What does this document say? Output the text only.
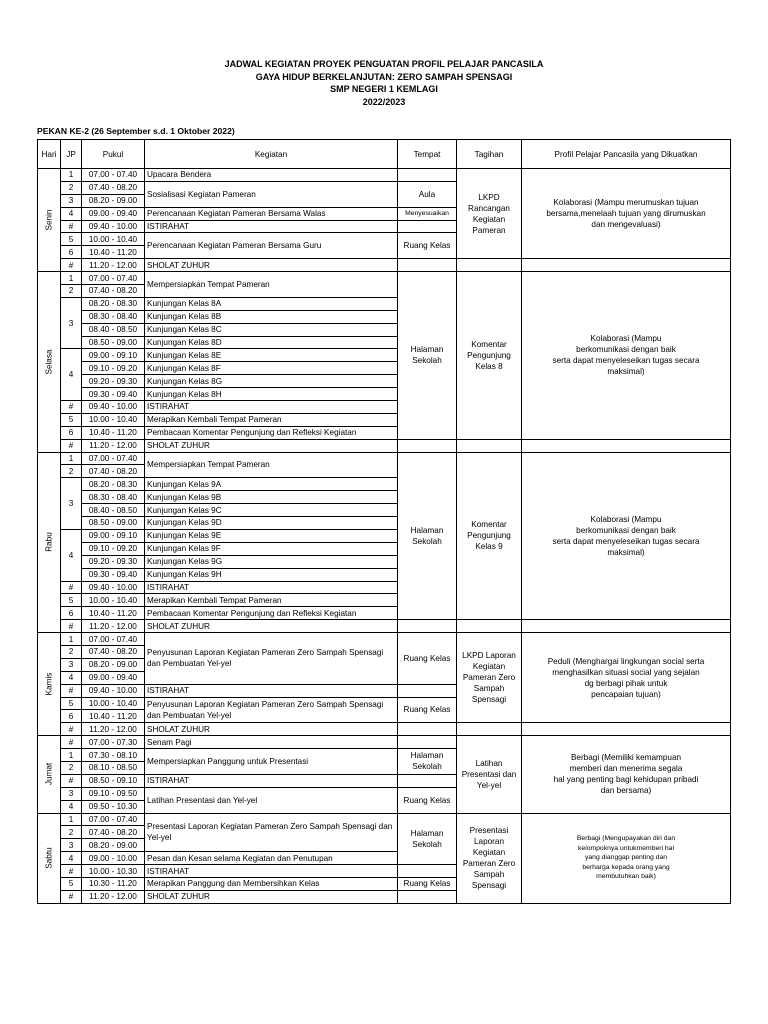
JADWAL KEGIATAN PROYEK PENGUATAN PROFIL PELAJAR PANCASILA
GAYA HIDUP BERKELANJUTAN: ZERO SAMPAH SPENSAGI
SMP NEGERI 1 KEMLAGI
2022/2023
PEKAN KE-2 (26 September s.d. 1 Oktober 2022)
Hari	JP	Pukul	Kegiatan	Tempat	Tagihan	Profil Pelajar Pancasila yang Dikuatkan

Senin	1	07.00 - 07.40	Upacara Bendera		LKPD Rancangan Kegiatan Pameran	Kolaborasi (Mampu merumuskan tujuan
bersama,menelaah tujuan yang dirumuskan
dan mengevaluasi)

	2	07.40 - 08.20	Sosialisasi Kegiatan Pameran	Aula		
	3	08.20 - 09.00				
	4	09.00 - 09.40	Perencanaan Kegiatan Pameran Bersama Walas	Menyesuaikan		
	#	09.40 - 10.00	ISTIRAHAT			
	5	10.00 - 10.40	Perencanaan Kegiatan Pameran Bersama Guru	Ruang Kelas		
	6	10.40 - 11.20				
	#	11.20 - 12.00	SHOLAT ZUHUR			

Selasa	1	07.00 - 07.40	Mempersiapkan Tempat Pameran	Halaman Sekolah	Komentar Pengunjung Kelas 8	Kolaborasi (Mampu
berkomunikasi dengan baik
serta dapat menyeleseikan tugas secara
maksimal)

	2	07.40 - 08.20				
	3	08.20 - 08.30	Kunjungan Kelas 8A			
		08.30 - 08.40	Kunjungan Kelas 8B			
		08.40 - 08.50	Kunjungan Kelas 8C			
		08.50 - 09.00	Kunjungan Kelas 8D			
	4	09.00 - 09.10	Kunjungan Kelas 8E			
		09.10 - 09.20	Kunjungan Kelas 8F			
		09.20 - 09.30	Kunjungan Kelas 8G			
		09.30 - 09.40	Kunjungan Kelas 8H			
	#	09.40 - 10.00	ISTIRAHAT			
	5	10.00 - 10.40	Merapikan Kembali Tempat Pameran			
	6	10.40 - 11.20	Pembacaan Komentar Pengunjung dan Refleksi Kegiatan			
	#	11.20 - 12.00	SHOLAT ZUHUR			

Rabu	1	07.00 - 07.40	Mempersiapkan Tempat Pameran	Halaman Sekolah	Komentar Pengunjung Kelas 9	Kolaborasi (Mampu
berkomunikasi dengan baik
serta dapat menyeleseikan tugas secara
maksimal)

	2	07.40 - 08.20				
	3	08.20 - 08.30	Kunjungan Kelas 9A			
		08.30 - 08.40	Kunjungan Kelas 9B			
		08.40 - 08.50	Kunjungan Kelas 9C			
		08.50 - 09.00	Kunjungan Kelas 9D			
	4	09.00 - 09.10	Kunjungan Kelas 9E			
		09.10 - 09.20	Kunjungan Kelas 9F			
		09.20 - 09.30	Kunjungan Kelas 9G			
		09.30 - 09.40	Kunjungan Kelas 9H			
	#	09.40 - 10.00	ISTIRAHAT			
	5	10.00 - 10.40	Merapikan Kembali Tempat Pameran			
	6	10.40 - 11.20	Pembacaan Komentar Pengunjung dan Refleksi Kegiatan			
	#	11.20 - 12.00	SHOLAT ZUHUR			

Kamis	1	07.00 - 07.40	Penyusunan Laporan Kegiatan Pameran Zero Sampah Spensagi dan Pembuatan Yel-yel	Ruang Kelas	LKPD Laporan Kegiatan Pameran Zero Sampah Spensagi	Peduli (Menghargai lingkungan social serta
menghasilkan situasi social yang sejalan
dg berbagi pihak untuk
pencapaian tujuan)

	2	07.40 - 08.20				
	3	08.20 - 09.00				
	4	09.00 - 09.40				
	#	09.40 - 10.00	ISTIRAHAT			
	5	10.00 - 10.40	Penyusunan Laporan Kegiatan Pameran Zero Sampah Spensagi dan Pembuatan Yel-yel	Ruang Kelas		
	6	10.40 - 11.20				
	#	11.20 - 12.00	SHOLAT ZUHUR			

Jumat	#	07.00 - 07.30	Senam Pagi		Latihan Presentasi dan Yel-yel	Berbagi (Memiliki kemampuan
memberi dan menerima segala
hal yang penting bagi kehidupan pribadi
dan bersama)

	1	07.30 - 08.10	Mempersiapkan Panggung untuk Presentasi	Halaman Sekolah		
	2	08.10 - 08.50				
	#	08.50 - 09.10	ISTIRAHAT			
	3	09.10 - 09.50	Latihan Presentasi dan Yel-yel	Ruang Kelas		
	4	09.50 - 10.30				

Sabtu	1	07.00 - 07.40	Presentasi Laporan Kegiatan Pameran Zero Sampah Spensagi dan Yel-yel	Halaman Sekolah	Presentasi Laporan Kegiatan Pameran Zero Sampah Spensagi	Berbagi (Mengupayakan diri dan
kelompoknya untukmemberi hal
yang dianggap penting dan
berharga kepada orang yang
membutuhkan baik)

	2	07.40 - 08.20				
	3	08.20 - 09.00				
	4	09.00 - 10.00	Pesan dan Kesan selama Kegiatan dan Penutupan			
	#	10.00 - 10.30	ISTIRAHAT			
	5	10.30 - 11.20	Merapikan Panggung dan Membersihkan Kelas	Ruang Kelas		
	#	11.20 - 12.00	SHOLAT ZUHUR			
